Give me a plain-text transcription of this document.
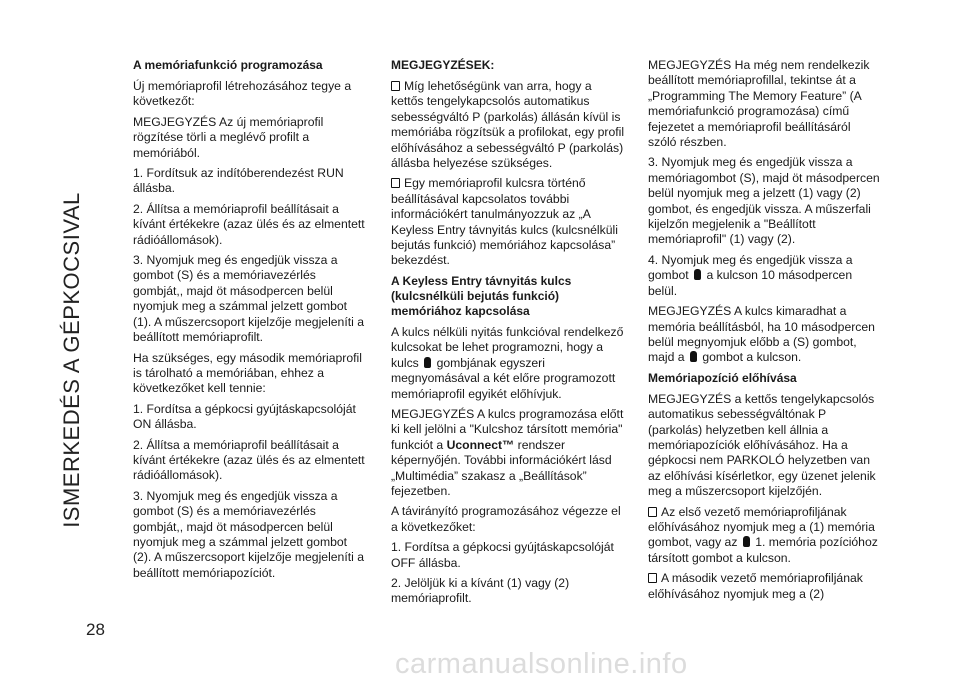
ISMERKEDÉS A GÉPKOCSIVAL
28
A memóriafunkció programozása

Új memóriaprofil létrehozásához tegye a következőt:

MEGJEGYZÉS Az új memóriaprofil rögzítése törli a meglévő profilt a memóriából.

1. Fordítsuk az indítóberendezést RUN állásba.

2. Állítsa a memóriaprofil beállításait a kívánt értékekre (azaz ülés és az elmentett rádióállomások).

3. Nyomjuk meg és engedjük vissza a gombot (S) és a memóriavezérlés gombját,, majd öt másodpercen belül nyomjuk meg a számmal jelzett gombot (1). A műszercsoport kijelzője megjeleníti a beállított memóriaprofilt.

Ha szükséges, egy második memóriaprofil is tárolható a memóriában, ehhez a következőket kell tennie:

1. Fordítsa a gépkocsi gyújtáskapcsolóját ON állásba.

2. Állítsa a memóriaprofil beállításait a kívánt értékekre (azaz ülés és az elmentett rádióállomások).

3. Nyomjuk meg és engedjük vissza a gombot (S) és a memóriavezérlés gombját,, majd öt másodpercen belül nyomjuk meg a számmal jelzett gombot (2). A műszercsoport kijelzője megjeleníti a beállított memóriapozíciót.

MEGJEGYZÉSEK:

Míg lehetőségünk van arra, hogy a kettős tengelykapcsolós automatikus sebességváltó P (parkolás) állásán kívül is memóriába rögzítsük a profilokat, egy profil előhívásához a sebességváltó P (parkolás) állásba helyezése szükséges.

Egy memóriaprofil kulcsra történő beállításával kapcsolatos további információkért tanulmányozzuk az „A Keyless Entry távnyitás kulcs (kulcsnélküli bejutás funkció) memóriához kapcsolása” bekezdést.

A Keyless Entry távnyitás kulcs (kulcsnélküli bejutás funkció) memóriához kapcsolása

A kulcs nélküli nyitás funkcióval rendelkező kulcsokat be lehet programozni, hogy a kulcs gombjának egyszeri megnyomásával a két előre programozott memóriaprofil egyikét előhívjuk.

MEGJEGYZÉS A kulcs programozása előtt ki kell jelölni a "Kulcshoz társított memória" funkciót a Uconnect™ rendszer képernyőjén. További információkért lásd „Multimédia” szakasz a „Beállítások” fejezetben.

A távirányító programozásához végezze el a következőket:

1. Fordítsa a gépkocsi gyújtáskapcsolóját OFF állásba.

2. Jelöljük ki a kívánt (1) vagy (2) memóriaprofilt.

MEGJEGYZÉS Ha még nem rendelkezik beállított memóriaprofillal, tekintse át a „Programming The Memory Feature” (A memóriafunkció programozása) című fejezetet a memóriaprofil beállításáról szóló részben.

3. Nyomjuk meg és engedjük vissza a memóriagombot (S), majd öt másodpercen belül nyomjuk meg a jelzett (1) vagy (2) gombot, és engedjük vissza. A műszerfali kijelzőn megjelenik a "Beállított memóriaprofil" (1) vagy (2).

4. Nyomjuk meg és engedjük vissza a gombot a kulcson 10 másodpercen belül.

MEGJEGYZÉS A kulcs kimaradhat a memória beállításból, ha 10 másodpercen belül megnyomjuk előbb a (S) gombot, majd a gombot a kulcson.

Memóriapozíció előhívása

MEGJEGYZÉS a kettős tengelykapcsolós automatikus sebességváltónak P (parkolás) helyzetben kell állnia a memóriapozíciók előhívásához. Ha a gépkocsi nem PARKOLÓ helyzetben van az előhívási kísérletkor, egy üzenet jelenik meg a műszercsoport kijelzőjén.

Az első vezető memóriaprofiljának előhívásához nyomjuk meg a (1) memória gombot, vagy az 1. memória pozícióhoz társított gombot a kulcson.

A második vezető memóriaprofiljának előhívásához nyomjuk meg a (2)

carmanualsonline.info
